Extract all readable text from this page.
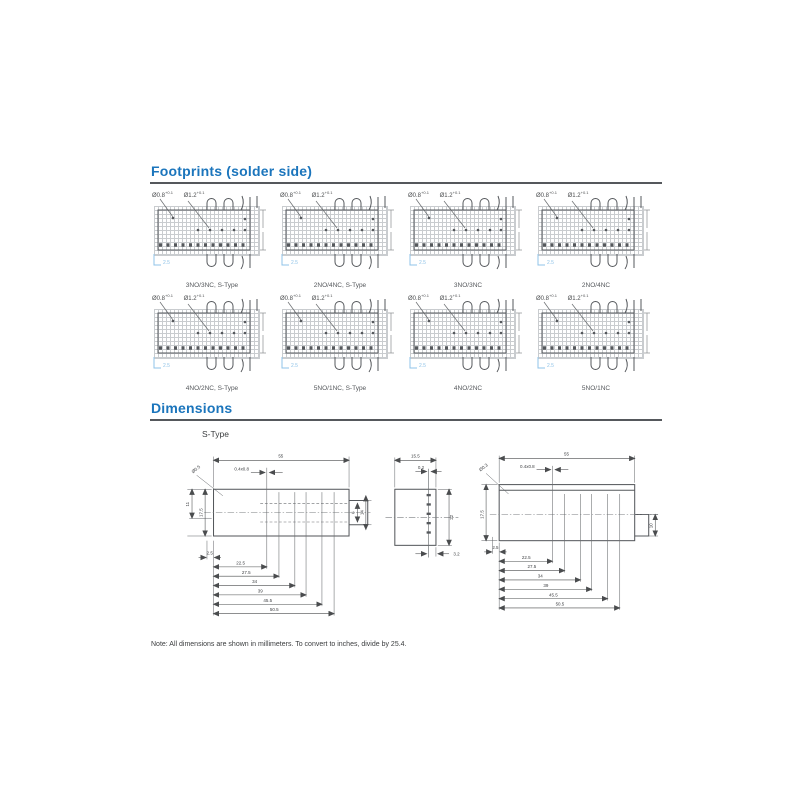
Footprints (solder side)
$Ø0.8^{+0.1}$ $Ø1.2^{+0.1}$
2.5
3NO/3NC, S-Type
$Ø0.8^{+0.1}$ $Ø1.2^{+0.1}$
2.5
2NO/4NC, S-Type
$Ø0.8^{+0.1}$ $Ø1.2^{+0.1}$
2.5
3NO/3NC
$Ø0.8^{+0.1}$ $Ø1.2^{+0.1}$
2.5
2NO/4NC
$Ø0.8^{+0.1}$ $Ø1.2^{+0.1}$
2.5
4NO/2NC, S-Type
$Ø0.8^{+0.1}$ $Ø1.2^{+0.1}$
2.5
5NO/1NC, S-Type
$Ø0.8^{+0.1}$ $Ø1.2^{+0.1}$
2.5
4NO/2NC
$Ø0.8^{+0.1}$ $Ø1.2^{+0.1}$
2.5
5NO/1NC
Dimensions
S-Type
55
0.4x0.8
Ø0.5
11
17.5	6 14
2.5
22.5
27.5
34
39
45.5
50.5
15.5
0.2
22
3.2
55
0.4x0.8
Ø0.3
17.5
10
2.5
22.5
27.5
34
39
45.5
50.5

Note: All dimensions are shown in millimeters. To convert to inches, divide by 25.4.
